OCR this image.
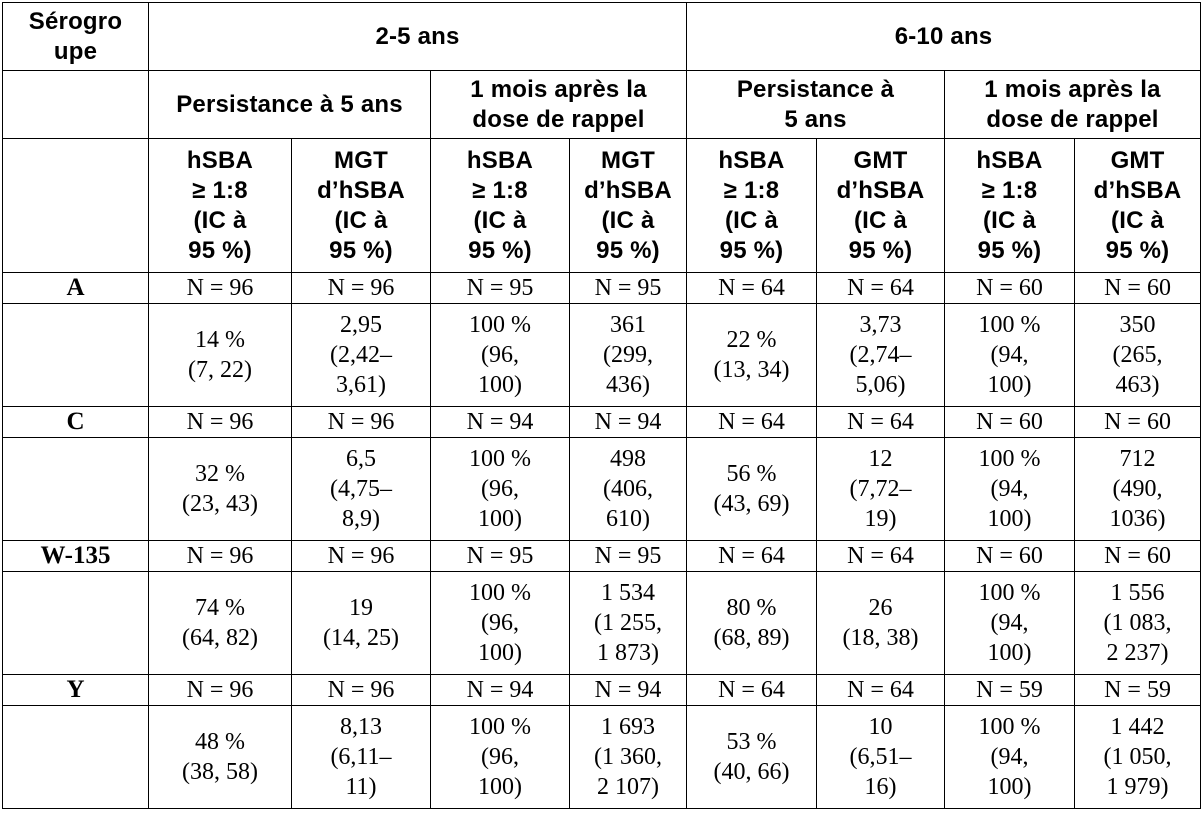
Sérogro
upe	2-5 ans				6-10 ans			

	Persistance à 5 ans		1 mois après la
dose de rappel		Persistance à
5 ans		1 mois après la
dose de rappel	

	hSBA
≥ 1:8
(IC à
95 %)	MGT
d’hSBA
(IC à
95 %)	hSBA
≥ 1:8
(IC à
95 %)	MGT
d’hSBA
(IC à
95 %)	hSBA
≥ 1:8
(IC à
95 %)	GMT
d’hSBA
(IC à
95 %)	hSBA
≥ 1:8
(IC à
95 %)	GMT
d’hSBA
(IC à
95 %)

A	N = 96	N = 96	N = 95	N = 95	N = 64	N = 64	N = 60	N = 60

	14 %
(7, 22)	2,95
(2,42–
3,61)	100 %
(96,
100)	361
(299,
436)	22 %
(13, 34)	3,73
(2,74–
5,06)	100 %
(94,
100)	350
(265,
463)

C	N = 96	N = 96	N = 94	N = 94	N = 64	N = 64	N = 60	N = 60

	32 %
(23, 43)	6,5
(4,75–
8,9)	100 %
(96,
100)	498
(406,
610)	56 %
(43, 69)	12
(7,72–
19)	100 %
(94,
100)	712
(490,
1036)

W-135	N = 96	N = 96	N = 95	N = 95	N = 64	N = 64	N = 60	N = 60

	74 %
(64, 82)	19
(14, 25)	100 %
(96,
100)	1 534
(1 255,
1 873)	80 %
(68, 89)	26
(18, 38)	100 %
(94,
100)	1 556
(1 083,
2 237)

Y	N = 96	N = 96	N = 94	N = 94	N = 64	N = 64	N = 59	N = 59

	48 %
(38, 58)	8,13
(6,11–
11)	100 %
(96,
100)	1 693
(1 360,
2 107)	53 %
(40, 66)	10
(6,51–
16)	100 %
(94,
100)	1 442
(1 050,
1 979)
